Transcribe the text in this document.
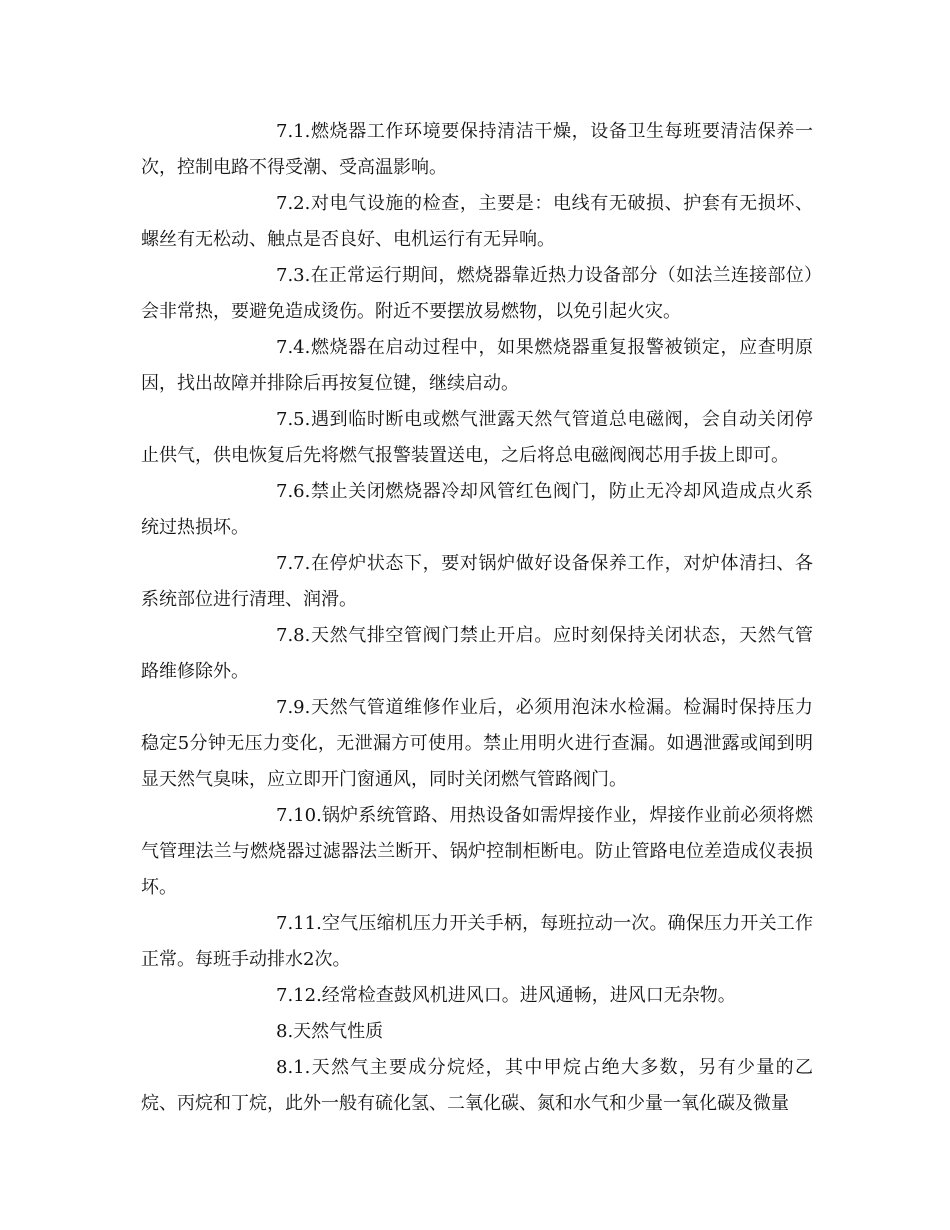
7.1.燃烧器工作环境要保持清洁干燥，设备卫生每班要清洁保养一次，控制电路不得受潮、受高温影响。

7.2.对电气设施的检查，主要是：电线有无破损、护套有无损坏、螺丝有无松动、触点是否良好、电机运行有无异响。

7.3.在正常运行期间，燃烧器靠近热力设备部分（如法兰连接部位）会非常热，要避免造成烫伤。附近不要摆放易燃物，以免引起火灾。

7.4.燃烧器在启动过程中，如果燃烧器重复报警被锁定，应查明原因，找出故障并排除后再按复位键，继续启动。

7.5.遇到临时断电或燃气泄露天然气管道总电磁阀，会自动关闭停止供气，供电恢复后先将燃气报警装置送电，之后将总电磁阀阀芯用手拔上即可。

7.6.禁止关闭燃烧器冷却风管红色阀门，防止无冷却风造成点火系统过热损坏。

7.7.在停炉状态下，要对锅炉做好设备保养工作，对炉体清扫、各系统部位进行清理、润滑。

7.8.天然气排空管阀门禁止开启。应时刻保持关闭状态，天然气管路维修除外。

7.9.天然气管道维修作业后，必须用泡沫水检漏。检漏时保持压力稳定5分钟无压力变化，无泄漏方可使用。禁止用明火进行查漏。如遇泄露或闻到明显天然气臭味，应立即开门窗通风，同时关闭燃气管路阀门。

7.10.锅炉系统管路、用热设备如需焊接作业，焊接作业前必须将燃气管理法兰与燃烧器过滤器法兰断开、锅炉控制柜断电。防止管路电位差造成仪表损坏。

7.11.空气压缩机压力开关手柄，每班拉动一次。确保压力开关工作正常。每班手动排水2次。

7.12.经常检查鼓风机进风口。进风通畅，进风口无杂物。

8.天然气性质

8.1.天然气主要成分烷烃，其中甲烷占绝大多数，另有少量的乙烷、丙烷和丁烷，此外一般有硫化氢、二氧化碳、氮和水气和少量一氧化碳及微量
